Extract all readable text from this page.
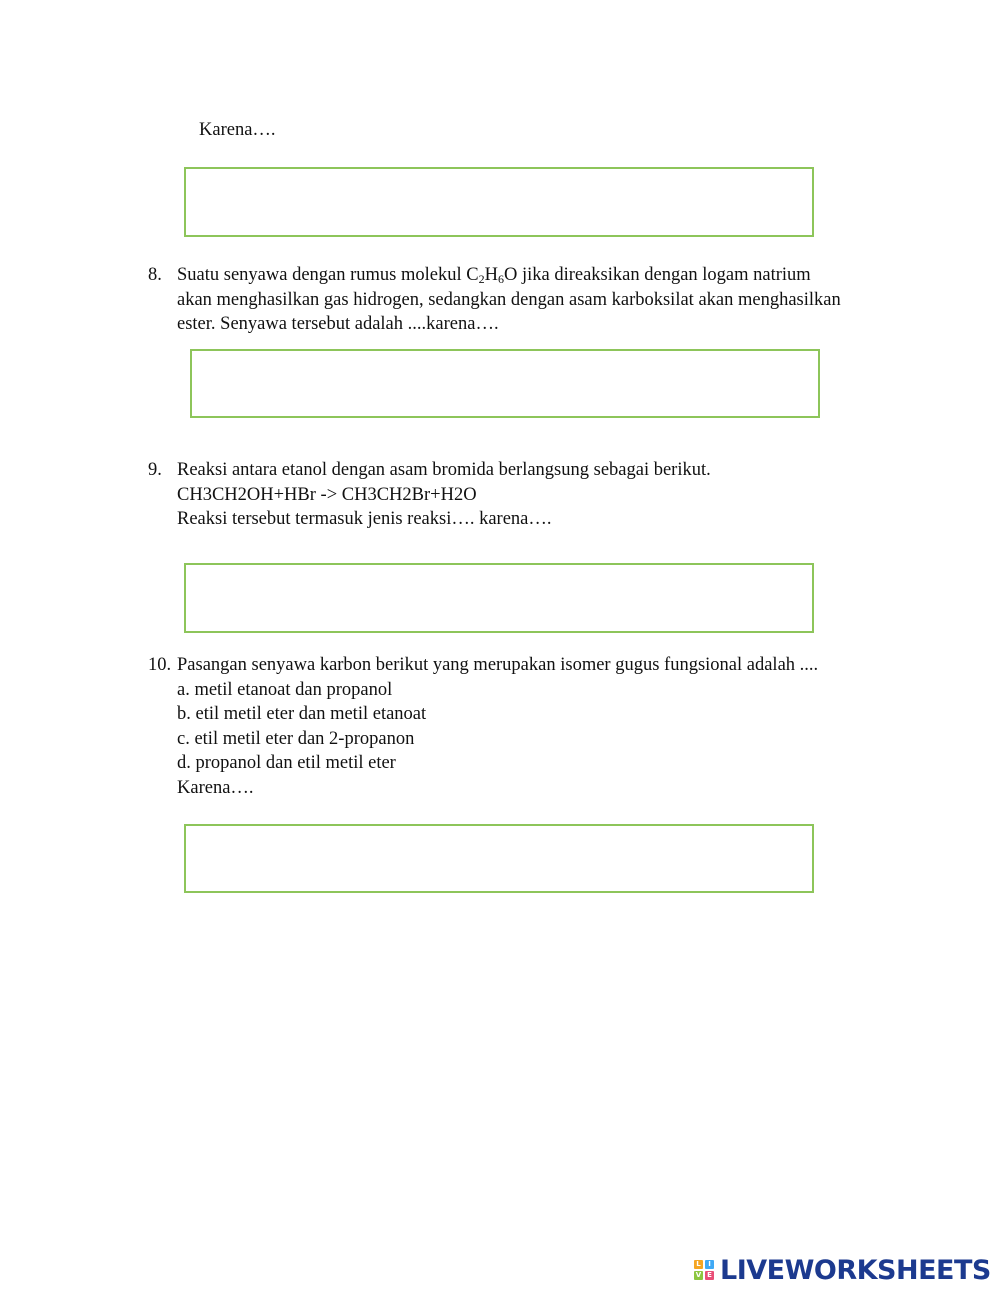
Karena….
8. Suatu senyawa dengan rumus molekul $C_2H_6O$ jika direaksikan dengan logam natrium
akan menghasilkan gas hidrogen, sedangkan dengan asam karboksilat akan menghasilkan
ester. Senyawa tersebut adalah ....karena….
9. Reaksi antara etanol dengan asam bromida berlangsung sebagai berikut.
CH3CH2OH+HBr -> CH3CH2Br+H2O
Reaksi tersebut termasuk jenis reaksi…. karena….
10. Pasangan senyawa karbon berikut yang merupakan isomer gugus fungsional adalah ....
a. metil etanoat dan propanol
b. etil metil eter dan metil etanoat
c. etil metil eter dan 2-propanon
d. propanol dan etil metil eter
Karena….
L	I
V E LIVEWORKSHEETS
